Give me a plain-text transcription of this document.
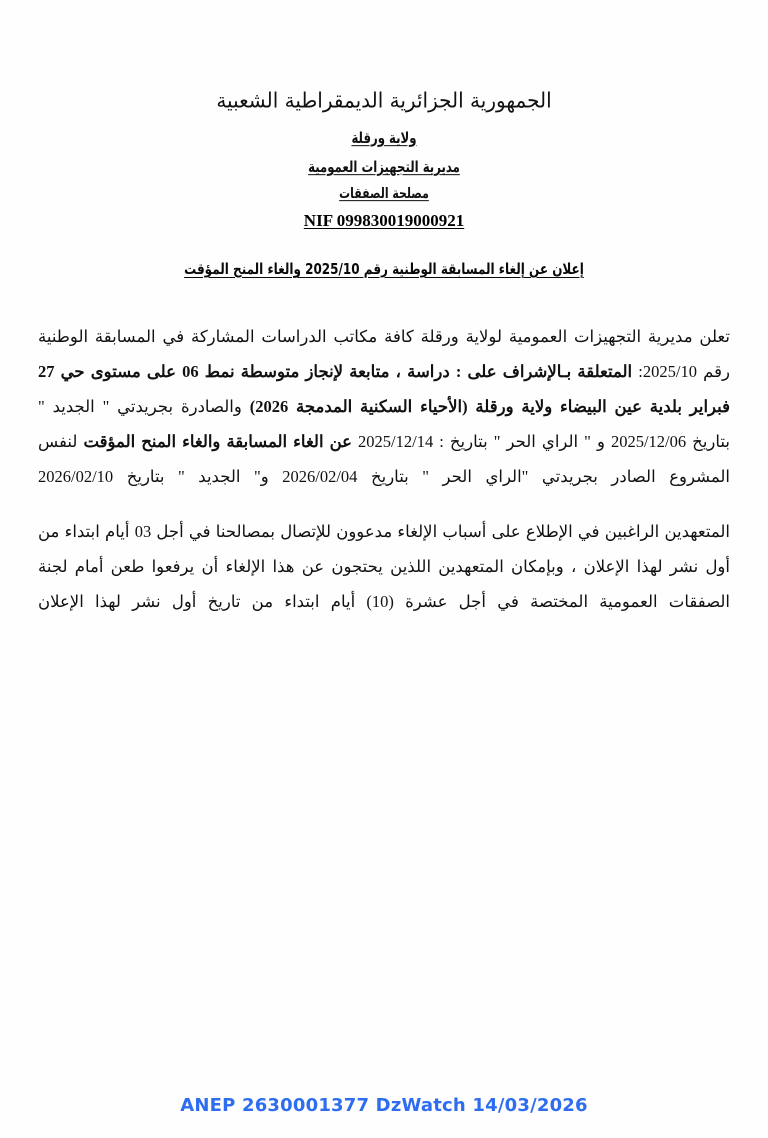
الجمهورية الجزائرية الديمقراطية الشعبية
ولاية ورقلة
مديرية التجهيزات العمومية
مصلحة الصفقات
NIF 099830019000921
إعلان عن إلغاء المسابقة الوطنية رقم 2025/10 والغاء المنح المؤقت
تعلن مديرية التجهيزات العمومية لولاية ورقلة كافة مكاتب الدراسات المشاركة في المسابقة الوطنية رقم 2025/10: المتعلقة بـالإشراف على : دراسة ، متابعة لإنجاز متوسطة نمط 06 على مستوى حي 27 فبراير بلدية عين البيضاء ولاية ورقلة (الأحياء السكنية المدمجة 2026) والصادرة بجريدتي " الجديد " بتاريخ 2025/12/06 و " الراي الحر " بتاريخ : 2025/12/14 عن الغاء المسابقة والغاء المنح المؤقت لنفس المشروع الصادر بجريدتي "الراي الحر " بتاريخ 2026/02/04 و" الجديد " بتاريخ 2026/02/10
المتعهدين الراغبين في الإطلاع على أسباب الإلغاء مدعوون للإتصال بمصالحنا في أجل 03 أيام ابتداء من أول نشر لهذا الإعلان ، وبإمكان المتعهدين اللذين يحتجون عن هذا الإلغاء أن يرفعوا طعن أمام لجنة الصفقات العمومية المختصة في أجل عشرة (10) أيام ابتداء من تاريخ أول نشر لهذا الإعلان
ANEP 2630001377 DzWatch 14/03/2026
